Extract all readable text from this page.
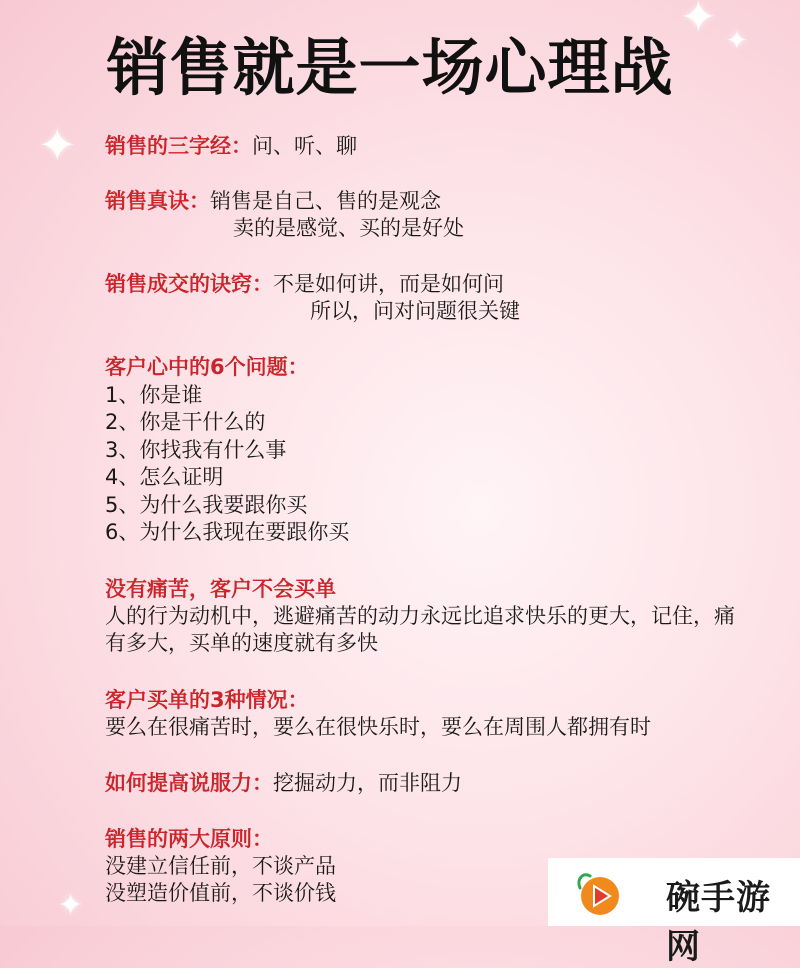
✦
✦ ✦
✦
销售就是一场心理战
销售的三字经：问、听、聊
销售真诀：销售是自己、售的是观念
卖的是感觉、买的是好处
销售成交的诀窍：不是如何讲，而是如何问
所以，问对问题很关键
客户心中的6个问题：
1、你是谁
2、你是干什么的
3、你找我有什么事
4、怎么证明
5、为什么我要跟你买
6、为什么我现在要跟你买
没有痛苦，客户不会买单
人的行为动机中，逃避痛苦的动力永远比追求快乐的更大，记住，痛有多大，买单的速度就有多快
客户买单的3种情况：
要么在很痛苦时，要么在很快乐时，要么在周围人都拥有时
如何提高说服力：挖掘动力，而非阻力
销售的两大原则：
没建立信任前，不谈产品
没塑造价值前，不谈价钱	碗手游网
